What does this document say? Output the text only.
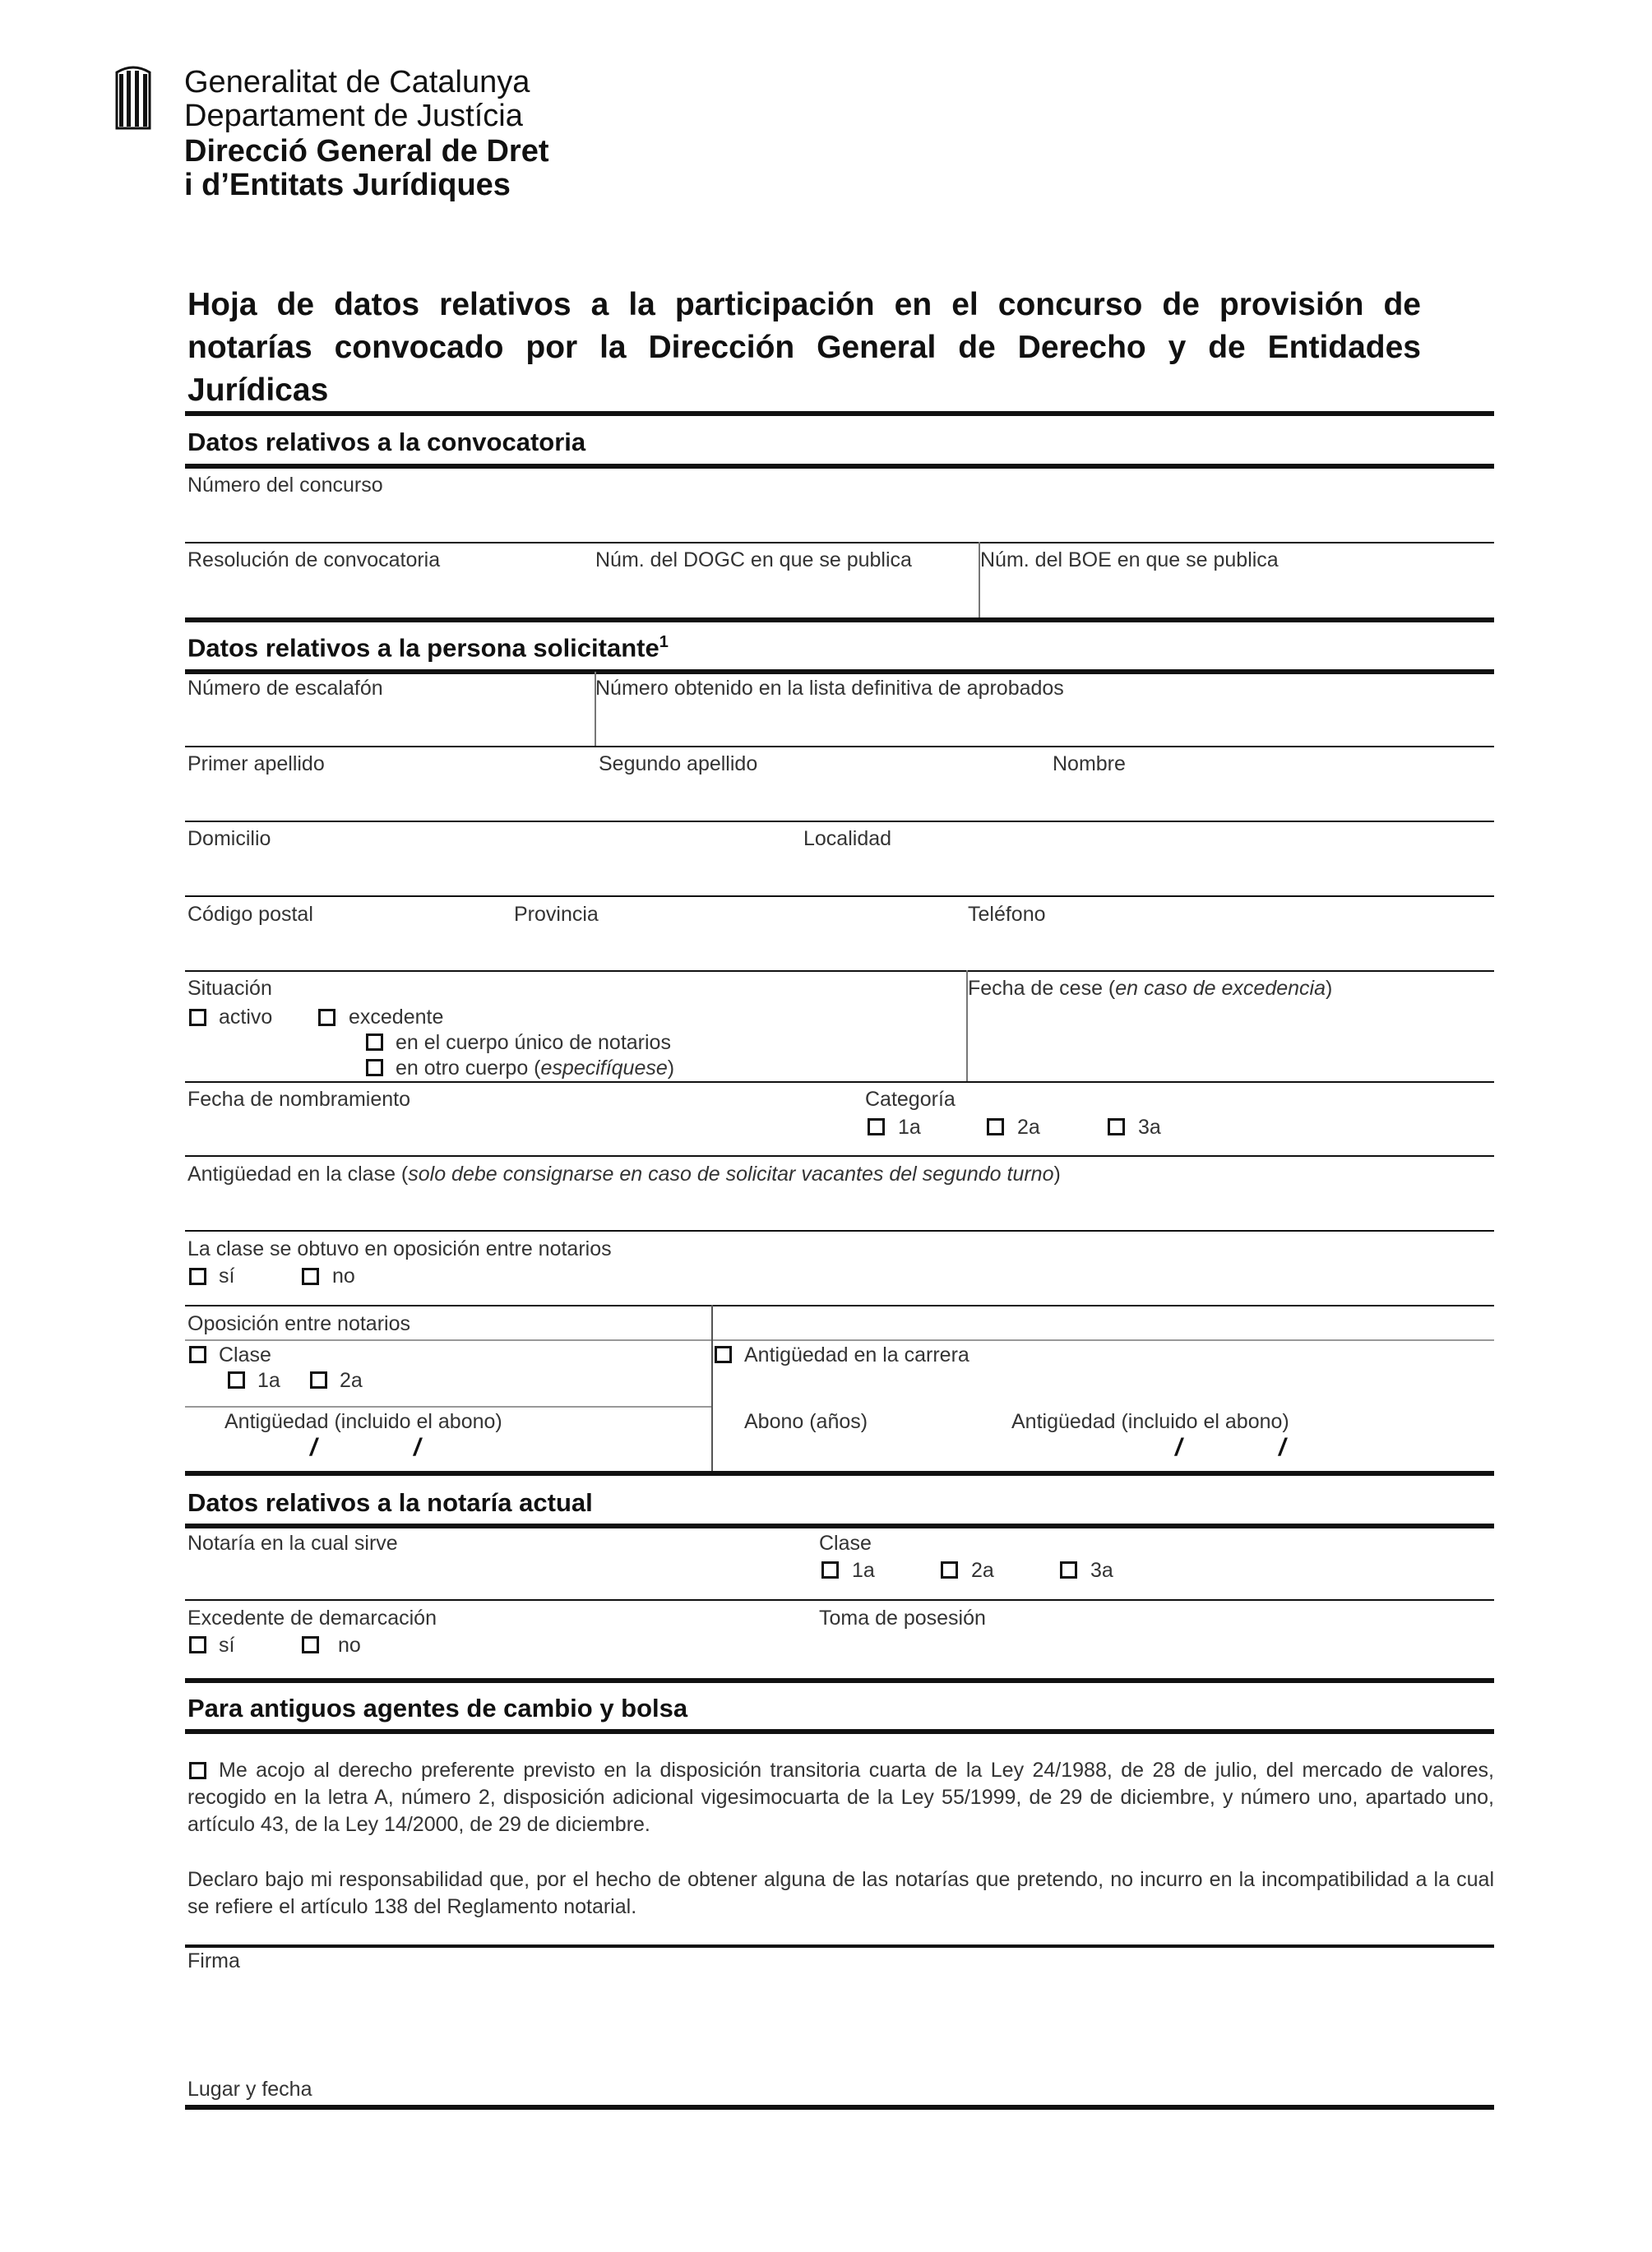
Generalitat de Catalunya
Departament de Justícia
Direcció General de Dret
i d’Entitats Jurídiques
Hoja de datos relativos a la participación en el concurso de provisión de notarías convocado por la Dirección General de Derecho y de Entidades Jurídicas
Datos relativos a la convocatoria
Número del concurso
Resolución de convocatoria	Núm. del DOGC en que se publica	Núm. del BOE en que se publica
Datos relativos a la persona solicitante$^1$
Número de escalafón	Número obtenido en la lista definitiva de aprobados
Primer apellido	Segundo apellido	Nombre
Domicilio	Localidad
Código postal	Provincia	Teléfono
Situación
activo	excedente
en el cuerpo único de notarios
en otro cuerpo (especifíquese)
Fecha de cese (en caso de excedencia)
Fecha de nombramiento	Categoría
1a	2a	3a
Antigüedad en la clase (solo debe consignarse en caso de solicitar vacantes del segundo turno)
La clase se obtuvo en oposición entre notarios
sí	no
Oposición entre notarios
Clase
1a	2a
Antigüedad en la carrera
Antigüedad (incluido el abono)
/	/
Abono (años)	Antigüedad (incluido el abono)
/	/
Datos relativos a la notaría actual
Notaría en la cual sirve	Clase
1a	2a	3a
Excedente de demarcación
sí	no
Toma de posesión
Para antiguos agentes de cambio y bolsa
Me acojo al derecho preferente previsto en la disposición transitoria cuarta de la Ley 24/1988, de 28 de julio, del mercado de valores, recogido en la letra A, número 2, disposición adicional vigesimocuarta de la Ley 55/1999, de 29 de diciembre, y número uno, apartado uno, artículo 43, de la Ley 14/2000, de 29 de diciembre.
Declaro bajo mi responsabilidad que, por el hecho de obtener alguna de las notarías que pretendo, no incurro en la incompatibilidad a la cual se refiere el artículo 138 del Reglamento notarial.
Firma
Lugar y fecha
